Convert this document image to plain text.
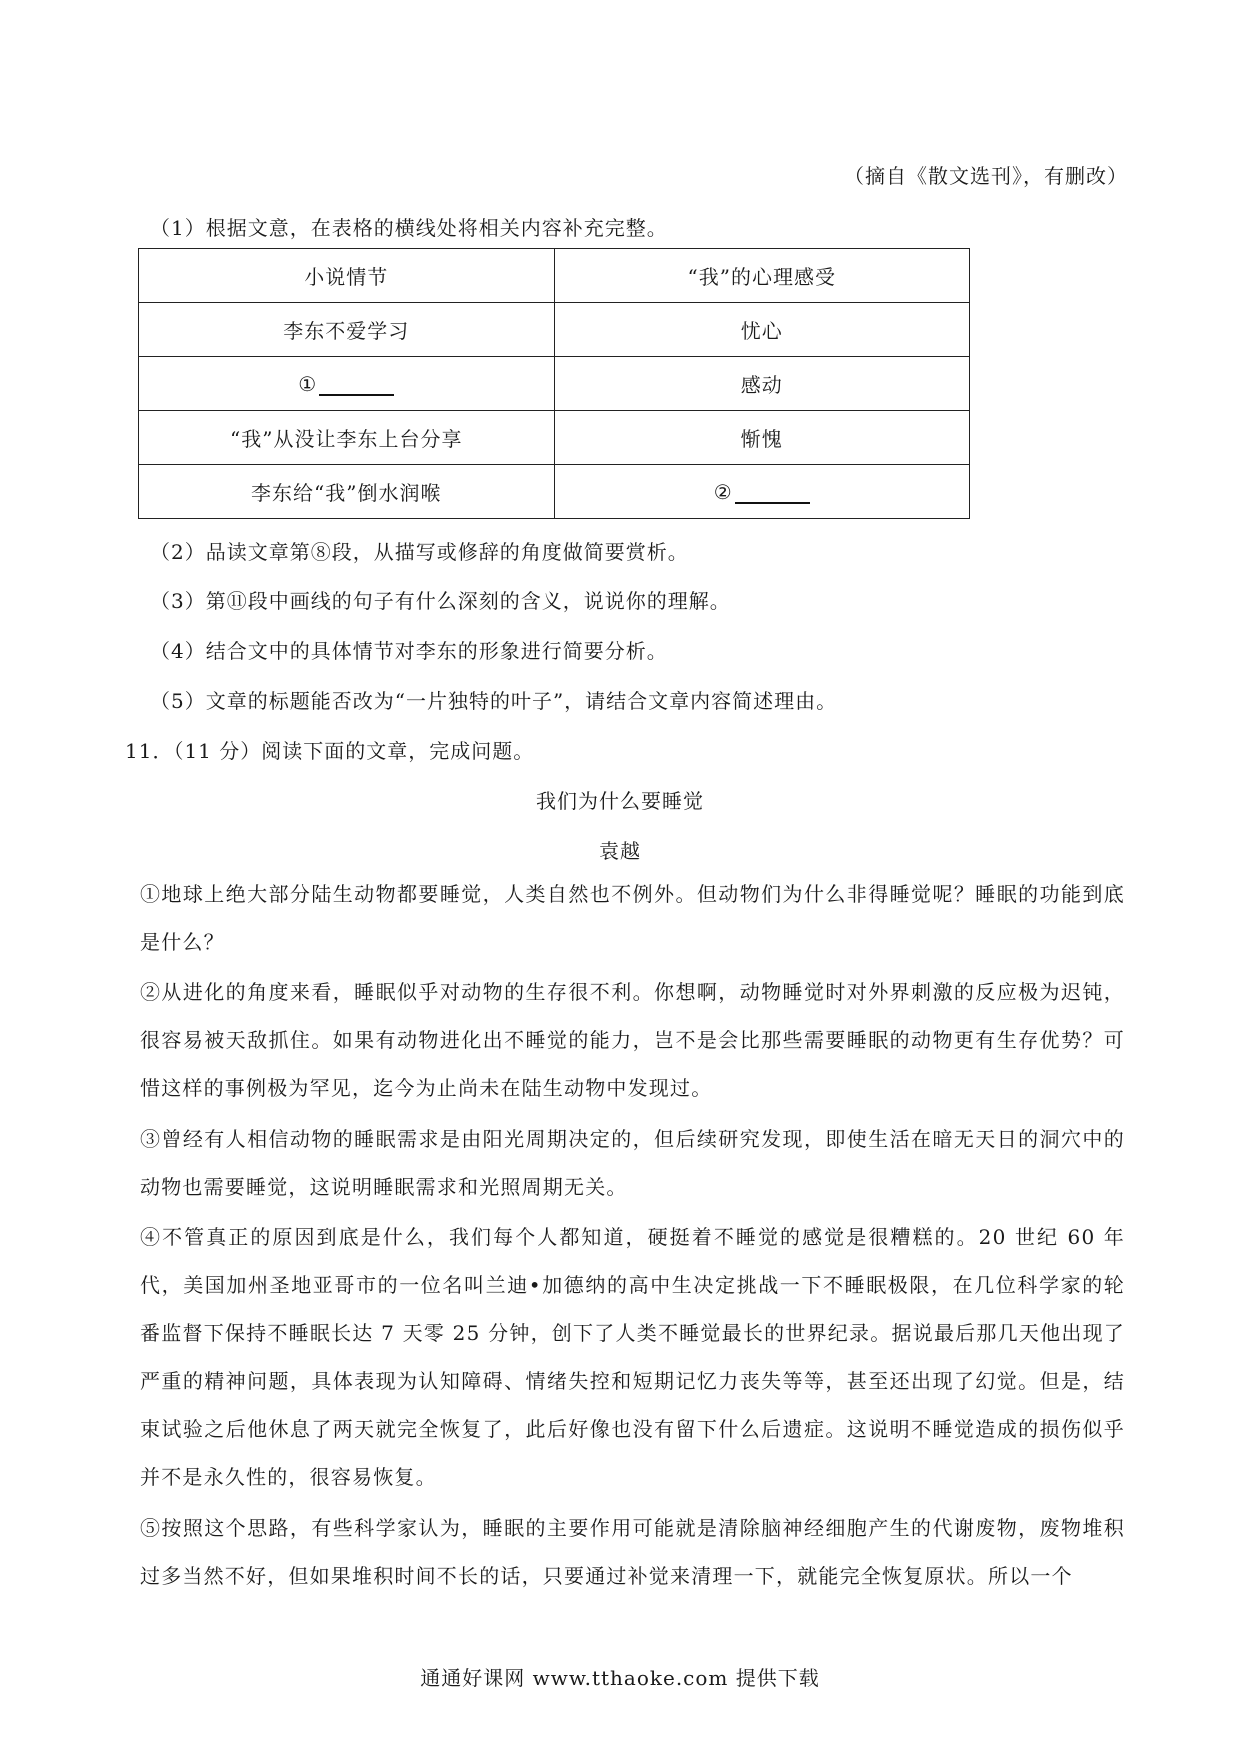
（摘自《散文选刊》，有删改）
（1）根据文意，在表格的横线处将相关内容补充完整。
小说情节	“我”的心理感受
李东不爱学习	忧心
①	感动
“我”从没让李东上台分享	惭愧
李东给“我”倒水润喉	②
（2）品读文章第⑧段，从描写或修辞的角度做简要赏析。
（3）第⑪段中画线的句子有什么深刻的含义，说说你的理解。
（4）结合文中的具体情节对李东的形象进行简要分析。
（5）文章的标题能否改为“一片独特的叶子”，请结合文章内容简述理由。
11．（11 分）阅读下面的文章，完成问题。
我们为什么要睡觉
袁越
①地球上绝大部分陆生动物都要睡觉，人类自然也不例外。但动物们为什么非得睡觉呢？睡眠的功能到底是什么？
②从进化的角度来看，睡眠似乎对动物的生存很不利。你想啊，动物睡觉时对外界刺激的反应极为迟钝，很容易被天敌抓住。如果有动物进化出不睡觉的能力，岂不是会比那些需要睡眠的动物更有生存优势？可惜这样的事例极为罕见，迄今为止尚未在陆生动物中发现过。
③曾经有人相信动物的睡眠需求是由阳光周期决定的，但后续研究发现，即使生活在暗无天日的洞穴中的动物也需要睡觉，这说明睡眠需求和光照周期无关。
④不管真正的原因到底是什么，我们每个人都知道，硬挺着不睡觉的感觉是很糟糕的。20 世纪 60 年代，美国加州圣地亚哥市的一位名叫兰迪•加德纳的高中生决定挑战一下不睡眠极限，在几位科学家的轮番监督下保持不睡眠长达 7 天零 25 分钟，创下了人类不睡觉最长的世界纪录。据说最后那几天他出现了严重的精神问题，具体表现为认知障碍、情绪失控和短期记忆力丧失等等，甚至还出现了幻觉。但是，结束试验之后他休息了两天就完全恢复了，此后好像也没有留下什么后遗症。这说明不睡觉造成的损伤似乎并不是永久性的，很容易恢复。
⑤按照这个思路，有些科学家认为，睡眠的主要作用可能就是清除脑神经细胞产生的代谢废物，废物堆积过多当然不好，但如果堆积时间不长的话，只要通过补觉来清理一下，就能完全恢复原状。所以一个
通通好课网 www.tthaoke.com 提供下载
